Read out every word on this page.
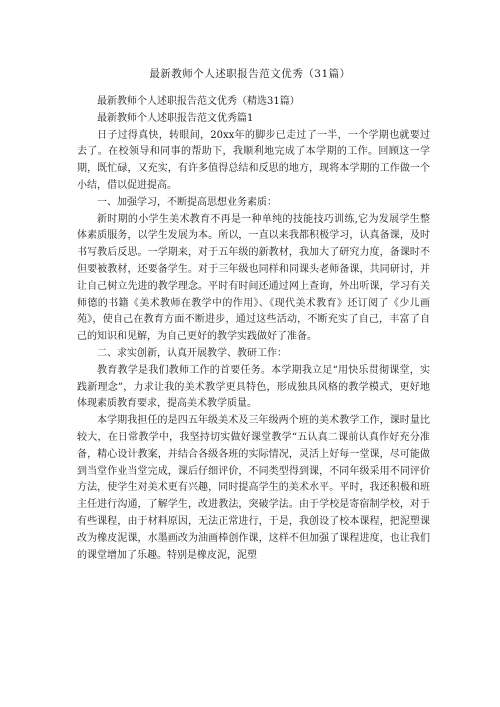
最新教师个人述职报告范文优秀（31篇）

最新教师个人述职报告范文优秀（精选31篇）

最新教师个人述职报告范文优秀篇1

日子过得真快，转眼间，20xx年的脚步已走过了一半，一个学期也就要过去了。在校领导和同事的帮助下，我顺利地完成了本学期的工作。回顾这一学期，既忙碌，又充实，有许多值得总结和反思的地方，现将本学期的工作做一个小结，借以促进提高。

一、加强学习，不断提高思想业务素质：

新时期的小学生美术教育不再是一种单纯的技能技巧训练,它为发展学生整体素质服务，以学生发展为本。所以，一直以来我都积极学习，认真备课，及时书写教后反思。一学期来，对于五年级的新教材，我加大了研究力度，备课时不但要被教材，还要备学生。对于三年级也同样和同课头老师备课，共同研讨，并让自己树立先进的教学理念。平时有时间还通过网上查询，外出听课，学习有关师德的书籍《美术教师在教学中的作用》、《现代美术教育》还订阅了《少儿画苑》，使自己在教育方面不断进步，通过这些活动，不断充实了自己，丰富了自己的知识和见解，为自己更好的教学实践做好了准备。

二、求实创新，认真开展教学、教研工作：

教育教学是我们教师工作的首要任务。本学期我立足“用快乐贯彻课堂，实践新理念”，力求让我的美术教学更具特色，形成独具风格的教学模式，更好地体现素质教育要求，提高美术教学质量。

本学期我担任的是四五年级美术及三年级两个班的美术教学工作，课时量比较大，在日常教学中，我坚持切实做好课堂教学“五认真二课前认真作好充分准备，精心设计教案，并结合各级各班的实际情况，灵活上好每一堂课，尽可能做到当堂作业当堂完成，课后仔细评价，不同类型得到课，不同年级采用不同评价方法，使学生对美术更有兴趣，同时提高学生的美术水平。平时，我还积极和班主任进行沟通，了解学生，改进教法，突破学法。由于学校是寄宿制学校，对于有些课程，由于材料原因，无法正常进行，于是，我创设了校本课程，把泥塑课改为橡皮泥课，水墨画改为油画棒创作课，这样不但加强了课程进度，也让我们的课堂增加了乐趣。特别是橡皮泥，泥塑
